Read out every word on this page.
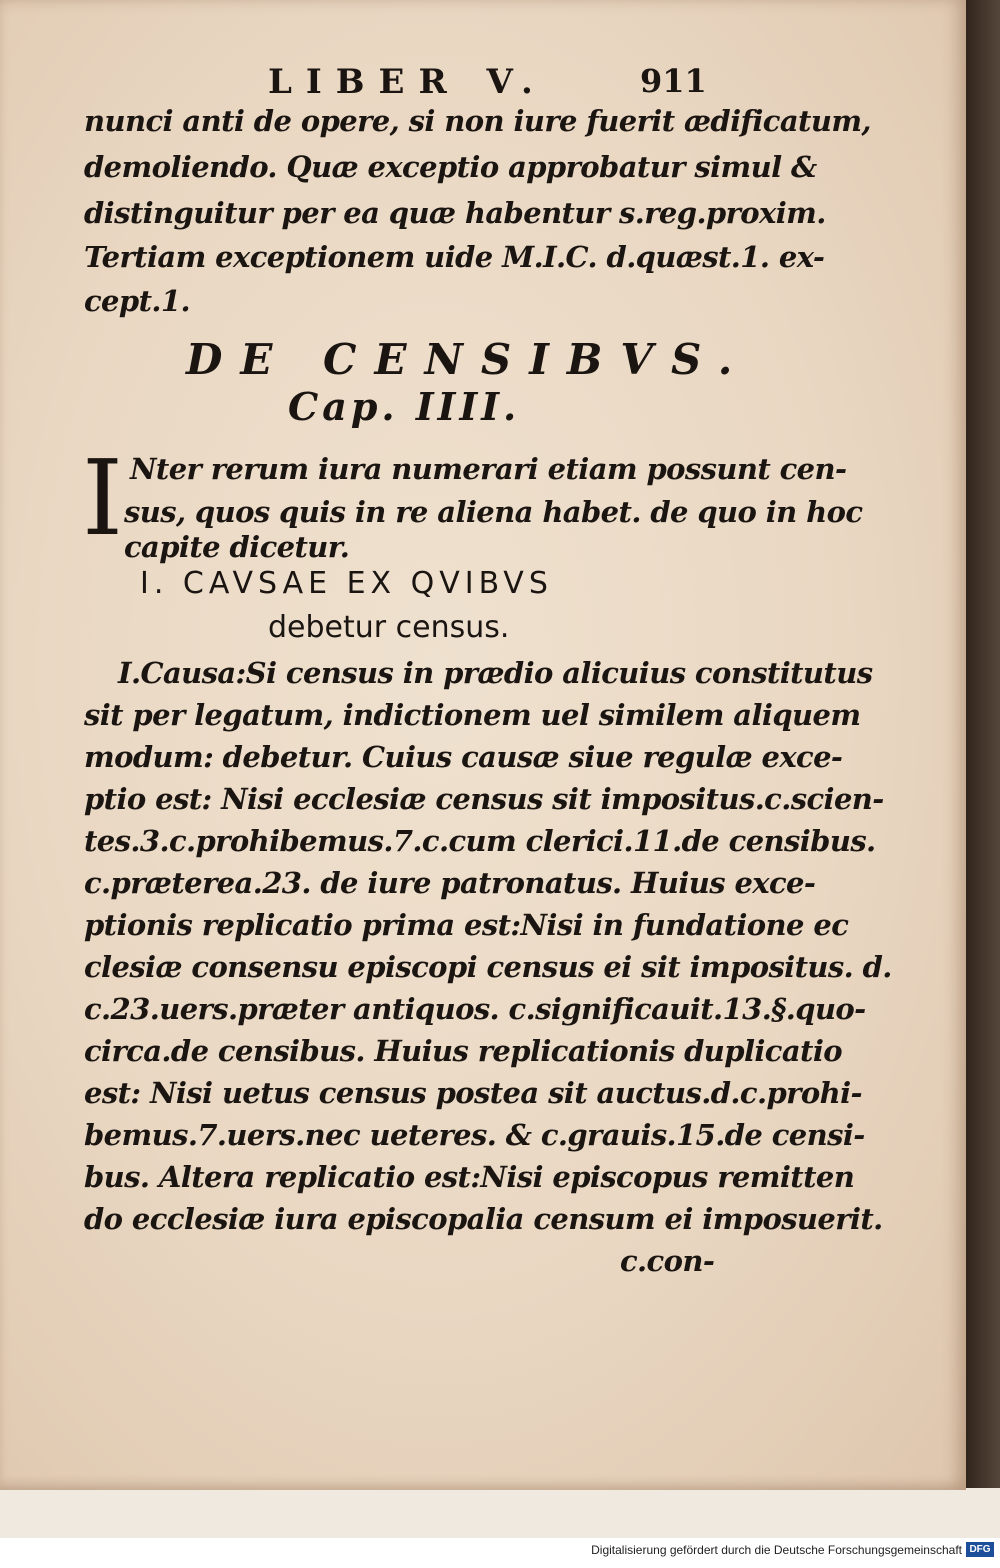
LIBER V.	911
nunci anti de opere, si non iure fuerit ædificatum,
demoliendo. Quæ exceptio approbatur simul &
distinguitur per ea quæ habentur s.reg.proxim.
Tertiam exceptionem uide M.I.C. d.quæst.1. ex-
cept.1.
DE CENSIBVS.
Cap. IIII.
I Nter rerum iura numerari etiam possunt cen-
sus, quos quis in re aliena habet. de quo in hoc
capite dicetur.
I. CAVSAE EX QVIBVS
debetur census.
I.Causa:Si census in prædio alicuius constitutus
sit per legatum, indictionem uel similem aliquem
modum: debetur. Cuius causæ siue regulæ exce-
ptio est: Nisi ecclesiæ census sit impositus.c.scien-
tes.3.c.prohibemus.7.c.cum clerici.11.de censibus.
c.præterea.23. de iure patronatus. Huius exce-
ptionis replicatio prima est:Nisi in fundatione ec
clesiæ consensu episcopi census ei sit impositus. d.
c.23.uers.præter antiquos. c.significauit.13.§.quo-
circa.de censibus. Huius replicationis duplicatio
est: Nisi uetus census postea sit auctus.d.c.prohi-
bemus.7.uers.nec ueteres. & c.grauis.15.de censi-
bus. Altera replicatio est:Nisi episcopus remitten
do ecclesiæ iura episcopalia censum ei imposuerit.
c.con-
Digitalisierung gefördert durch die Deutsche Forschungsgemeinschaft DFG
